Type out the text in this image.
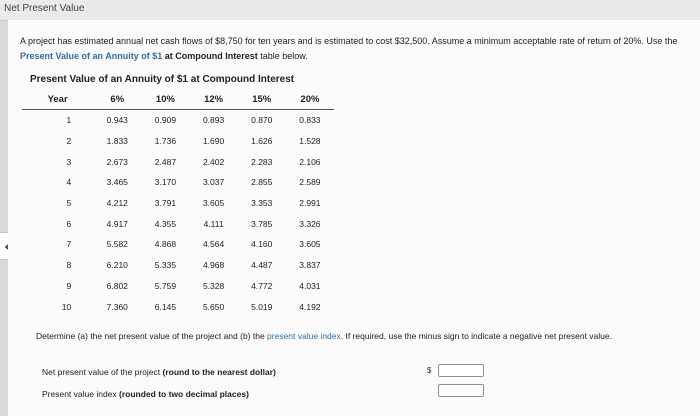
Net Present Value
A project has estimated annual net cash flows of $8,750 for ten years and is estimated to cost $32,500. Assume a minimum acceptable rate of return of 20%. Use the Present Value of an Annuity of $1 at Compound Interest table below.
Present Value of an Annuity of $1 at Compound Interest
Year	6%	10%	12%	15%	20%
1	0.943	0.909	0.893	0.870	0.833
2	1.833	1.736	1.690	1.626	1.528
3	2.673	2.487	2.402	2.283	2.106
4	3.465	3.170	3.037	2.855	2.589
5	4.212	3.791	3.605	3.353	2.991
6	4.917	4.355	4.111	3.785	3.326
7	5.582	4.868	4.564	4.160	3.605
8	6.210	5.335	4.968	4.487	3.837
9	6.802	5.759	5.328	4.772	4.031
10	7.360	6.145	5.650	5.019	4.192
Determine (a) the net present value of the project and (b) the present value index. If required, use the minus sign to indicate a negative net present value.
Net present value of the project (round to the nearest dollar)	$
Present value index (rounded to two decimal places)
